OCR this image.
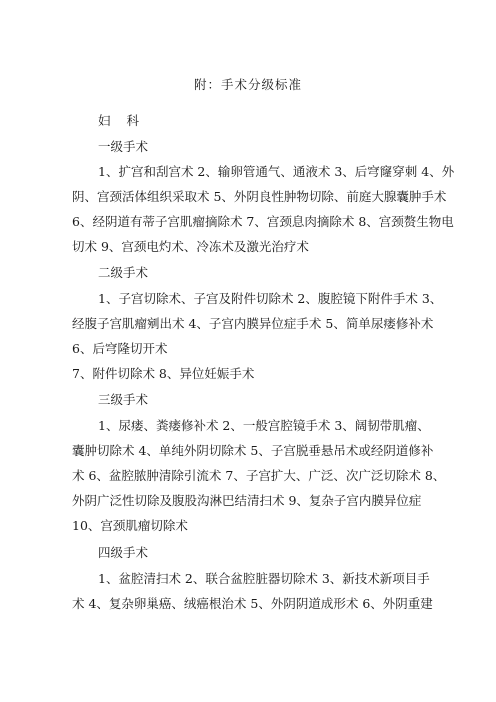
附：手术分级标准
妇 科
一级手术
1、扩宫和刮宫术 2、输卵管通气、通液术 3、后穹窿穿刺 4、外
阴、宫颈活体组织采取术 5、外阴良性肿物切除、前庭大腺囊肿手术
6、经阴道有蒂子宫肌瘤摘除术 7、宫颈息肉摘除术 8、宫颈赘生物电
切术 9、宫颈电灼术、冷冻术及激光治疗术
二级手术
1、子宫切除术、子宫及附件切除术 2、腹腔镜下附件手术 3、
经腹子宫肌瘤剜出术 4、子宫内膜异位症手术 5、简单尿瘘修补术
6、后穹隆切开术
7、附件切除术 8、异位妊娠手术
三级手术
1、尿瘘、粪瘘修补术 2、一般宫腔镜手术 3、阔韧带肌瘤、
囊肿切除术 4、单纯外阴切除术 5、子宫脱垂悬吊术或经阴道修补
术 6、盆腔脓肿清除引流术 7、子宫扩大、广泛、次广泛切除术 8、
外阴广泛性切除及腹股沟淋巴结清扫术 9、复杂子宫内膜异位症
10、宫颈肌瘤切除术
四级手术
1、盆腔清扫术 2、联合盆腔脏器切除术 3、新技术新项目手
术 4、复杂卵巢癌、绒癌根治术 5、外阴阴道成形术 6、外阴重建
